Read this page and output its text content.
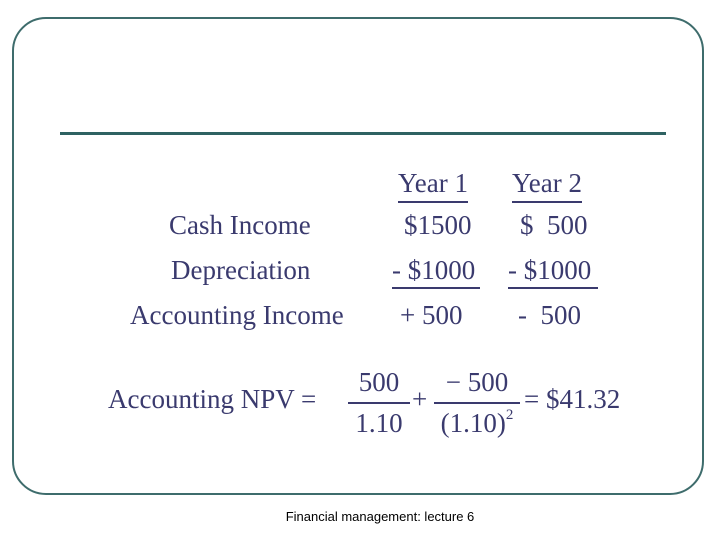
Year 1 Year 2
Cash Income
Depreciation
Accounting Income
$1500
- $1000
+ 500
$  500
- $1000
-  500
Accounting NPV =
500
1.10
+
− 500
$(1.10)^2$
= $41.32
Financial management: lecture 6
